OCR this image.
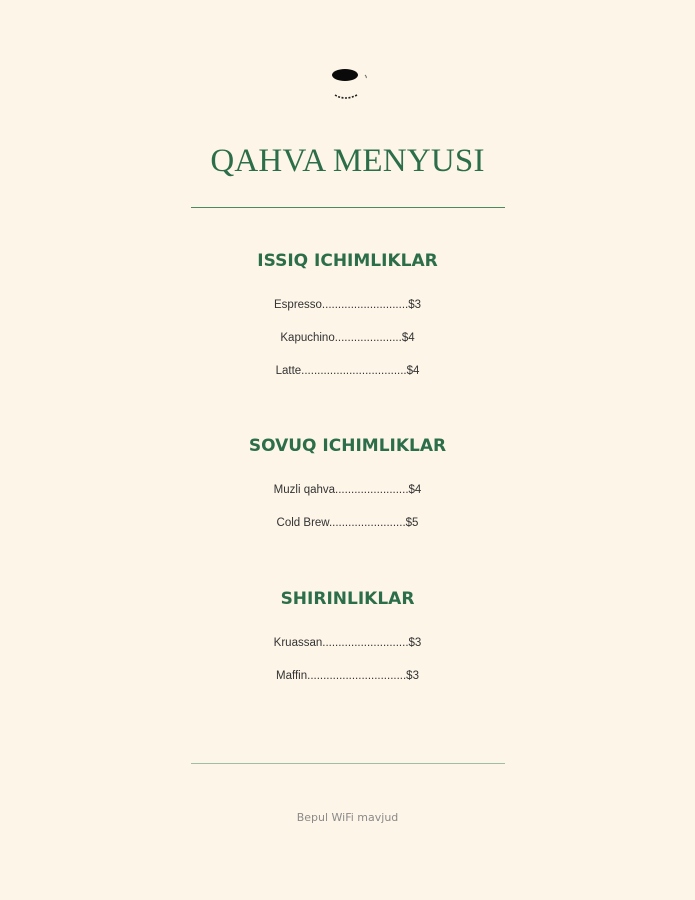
QAHVA MENYUSI
ISSIQ ICHIMLIKLAR
Espresso...........................$3
Kapuchino.....................$4
Latte.................................$4
SOVUQ ICHIMLIKLAR
Muzli qahva.......................$4
Cold Brew........................$5
SHIRINLIKLAR
Kruassan...........................$3
Maffin...............................$3
Bepul WiFi mavjud
